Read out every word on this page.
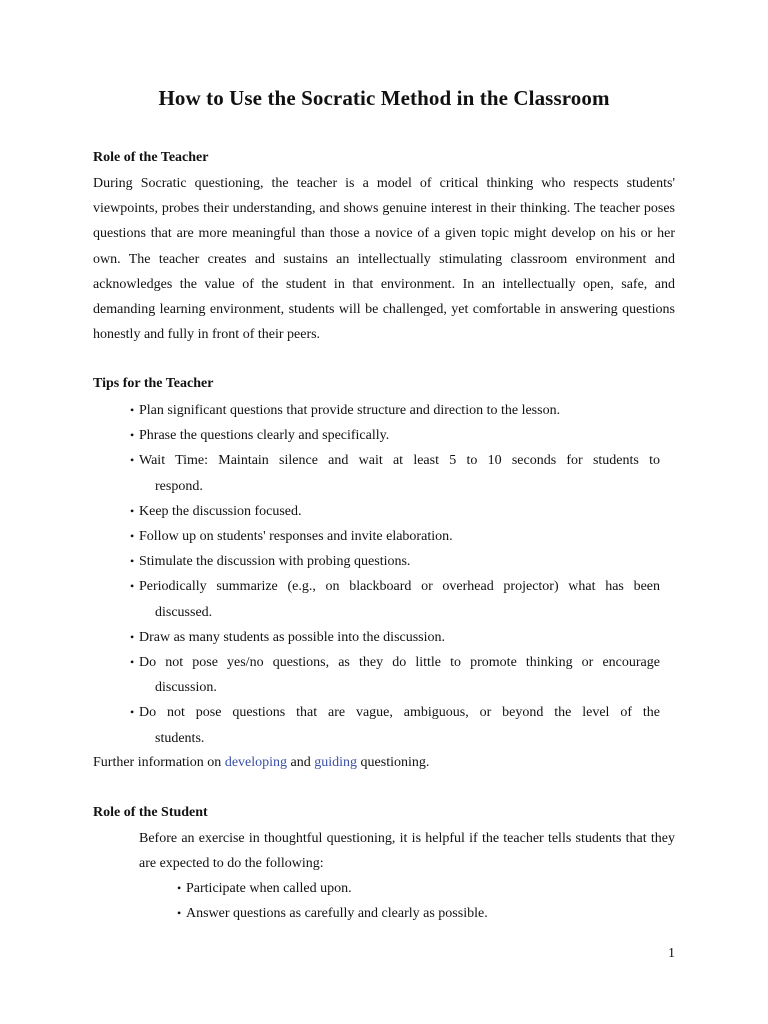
How to Use the Socratic Method in the Classroom
Role of the Teacher
During Socratic questioning, the teacher is a model of critical thinking who respects students' viewpoints, probes their understanding, and shows genuine interest in their thinking. The teacher poses questions that are more meaningful than those a novice of a given topic might develop on his or her own. The teacher creates and sustains an intellectually stimulating classroom environment and acknowledges the value of the student in that environment. In an intellectually open, safe, and demanding learning environment, students will be challenged, yet comfortable in answering questions honestly and fully in front of their peers.
Tips for the Teacher
• Plan significant questions that provide structure and direction to the lesson.
• Phrase the questions clearly and specifically.
• Wait Time: Maintain silence and wait at least 5 to 10 seconds for students to
respond.
• Keep the discussion focused.
• Follow up on students' responses and invite elaboration.
• Stimulate the discussion with probing questions.
• Periodically summarize (e.g., on blackboard or overhead projector) what has been
discussed.
• Draw as many students as possible into the discussion.
• Do not pose yes/no questions, as they do little to promote thinking or encourage
discussion.
• Do not pose questions that are vague, ambiguous, or beyond the level of the
students.
Further information on developing and guiding questioning.
Role of the Student
Before an exercise in thoughtful questioning, it is helpful if the teacher tells students that they are expected to do the following:
• Participate when called upon.
• Answer questions as carefully and clearly as possible.
1
